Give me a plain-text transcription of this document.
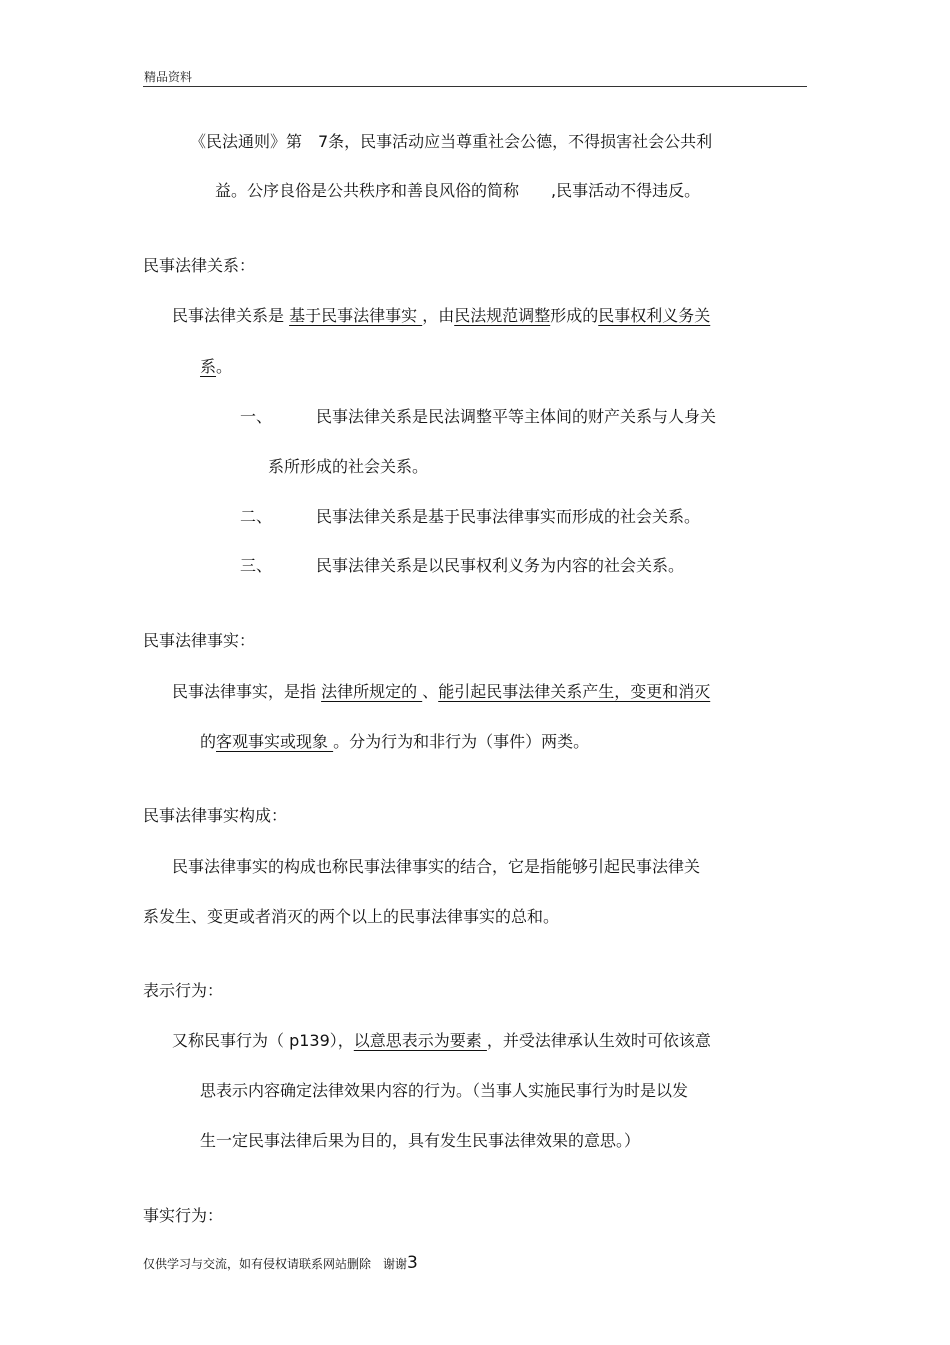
精品资料
《民法通则》第　7条，民事活动应当尊重社会公德，不得损害社会公共利
益。公序良俗是公共秩序和善良风俗的简称　　 ,民事活动不得违反。
民事法律关系：
民事法律关系是 基于民事法律事实 ，由民法规范调整形成的民事权利义务关
系。
一、	民事法律关系是民法调整平等主体间的财产关系与人身关
系所形成的社会关系。
二、	民事法律关系是基于民事法律事实而形成的社会关系。
三、	民事法律关系是以民事权利义务为内容的社会关系。
民事法律事实：
民事法律事实，是指 法律所规定的 、能引起民事法律关系产生，变更和消灭
的客观事实或现象 。分为行为和非行为（事件）两类。
民事法律事实构成：
民事法律事实的构成也称民事法律事实的结合，它是指能够引起民事法律关
系发生、变更或者消灭的两个以上的民事法律事实的总和。
表示行为：
又称民事行为（ p139），以意思表示为要素 ，并受法律承认生效时可依该意
思表示内容确定法律效果内容的行为。（当事人实施民事行为时是以发
生一定民事法律后果为目的，具有发生民事法律效果的意思。）
事实行为：
仅供学习与交流，如有侵权请联系网站删除　谢谢3
